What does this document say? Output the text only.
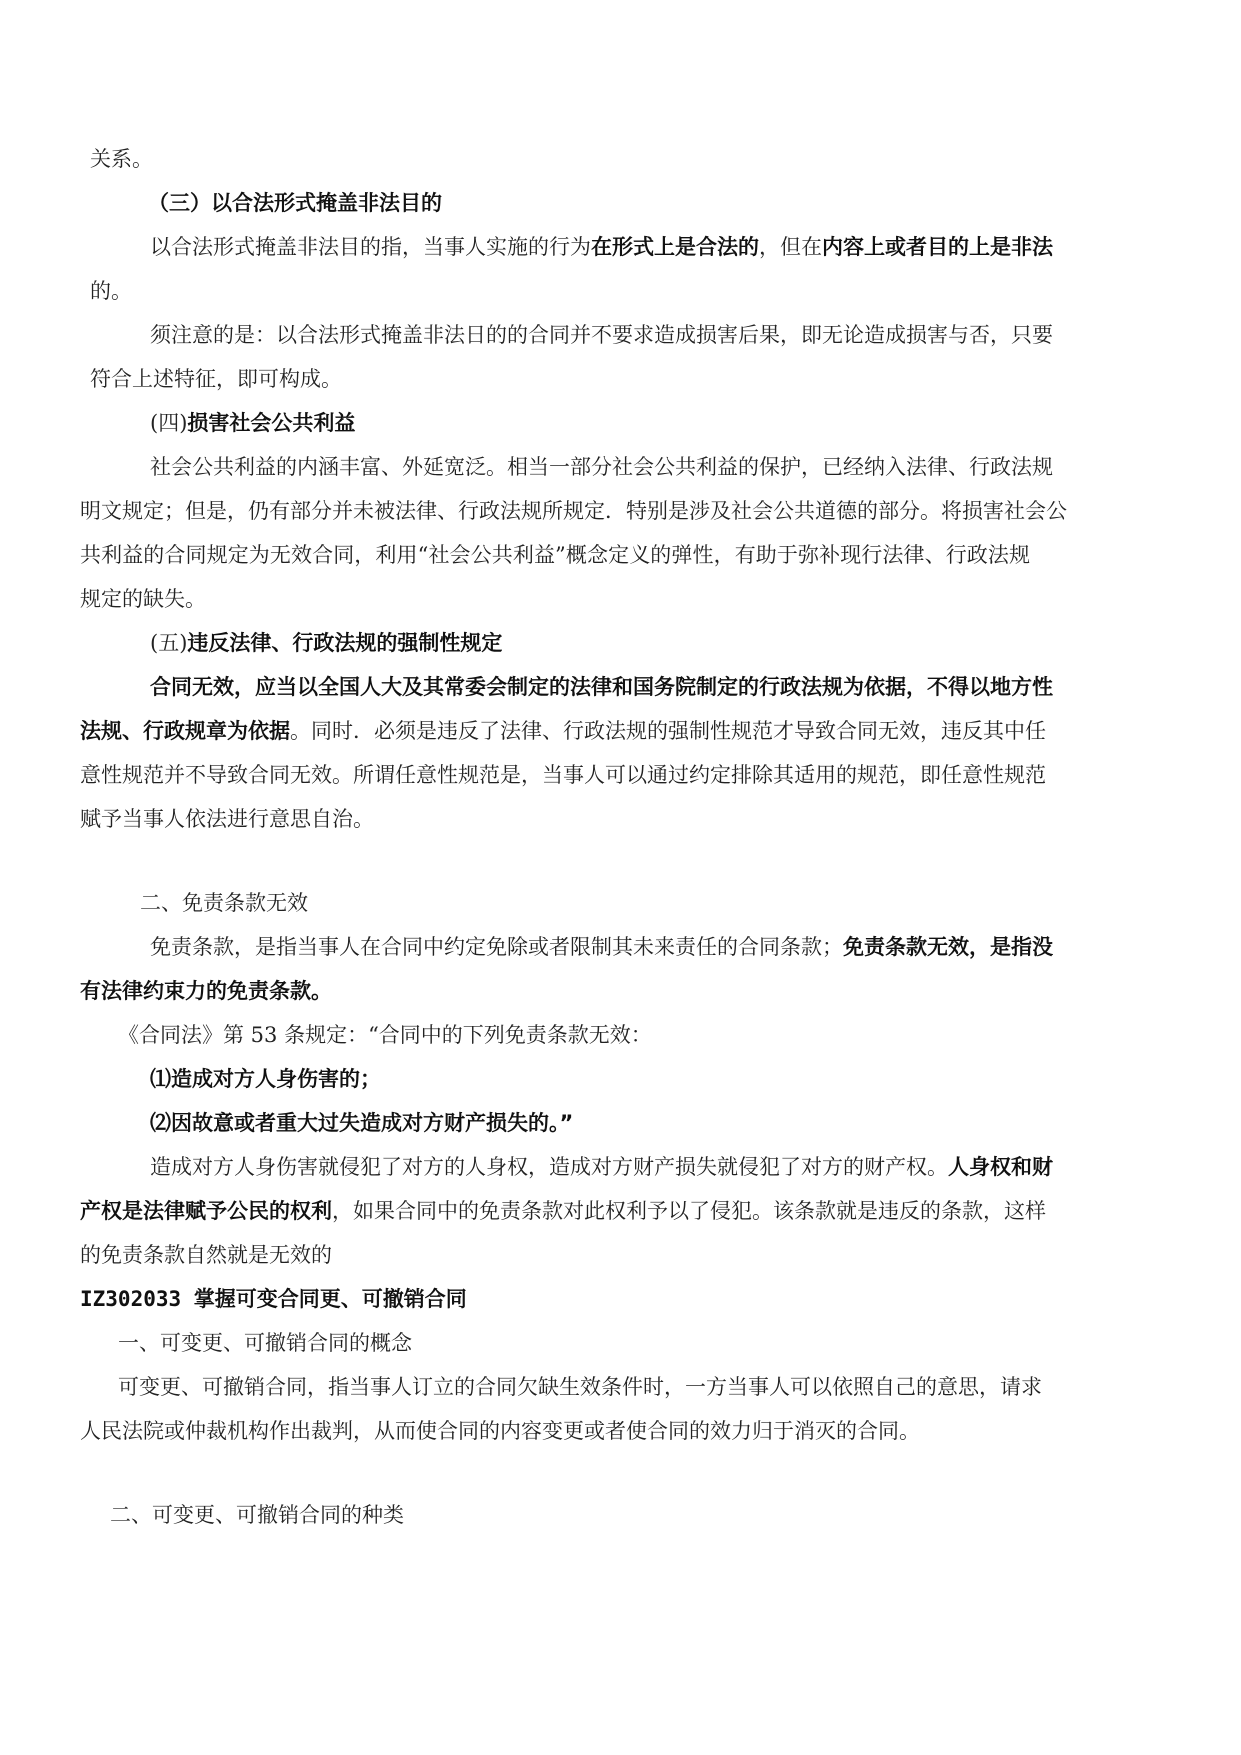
关系。
（三）以合法形式掩盖非法目的
以合法形式掩盖非法目的指，当事人实施的行为在形式上是合法的，但在内容上或者目的上是非法
的。
须注意的是：以合法形式掩盖非法日的的合同并不要求造成损害后果，即无论造成损害与否，只要
符合上述特征，即可构成。
(四)损害社会公共利益
社会公共利益的内涵丰富、外延宽泛。相当一部分社会公共利益的保护，已经纳入法律、行政法规
明文规定；但是，仍有部分并未被法律、行政法规所规定．特别是涉及社会公共道德的部分。将损害社会公
共利益的合同规定为无效合同，利用“社会公共利益”概念定义的弹性，有助于弥补现行法律、行政法规
规定的缺失。
(五)违反法律、行政法规的强制性规定
合同无效，应当以全国人大及其常委会制定的法律和国务院制定的行政法规为依据，不得以地方性
法规、行政规章为依据。同时．必须是违反了法律、行政法规的强制性规范才导致合同无效，违反其中任
意性规范并不导致合同无效。所谓任意性规范是，当事人可以通过约定排除其适用的规范，即任意性规范
赋予当事人依法进行意思自治。
二、免责条款无效
免责条款，是指当事人在合同中约定免除或者限制其未来责任的合同条款；免责条款无效，是指没
有法律约束力的免责条款。
《合同法》第 53 条规定：“合同中的下列免责条款无效：
⑴造成对方人身伤害的；
⑵因故意或者重大过失造成对方财产损失的。”
造成对方人身伤害就侵犯了对方的人身权，造成对方财产损失就侵犯了对方的财产权。人身权和财
产权是法律赋予公民的权利，如果合同中的免责条款对此权利予以了侵犯。该条款就是违反的条款，这样
的免责条款自然就是无效的
IZ302033 掌握可变合同更、可撤销合同
一、可变更、可撤销合同的概念
可变更、可撤销合同，指当事人订立的合同欠缺生效条件时，一方当事人可以依照自己的意思，请求
人民法院或仲裁机构作出裁判，从而使合同的内容变更或者使合同的效力归于消灭的合同。
二、可变更、可撤销合同的种类
